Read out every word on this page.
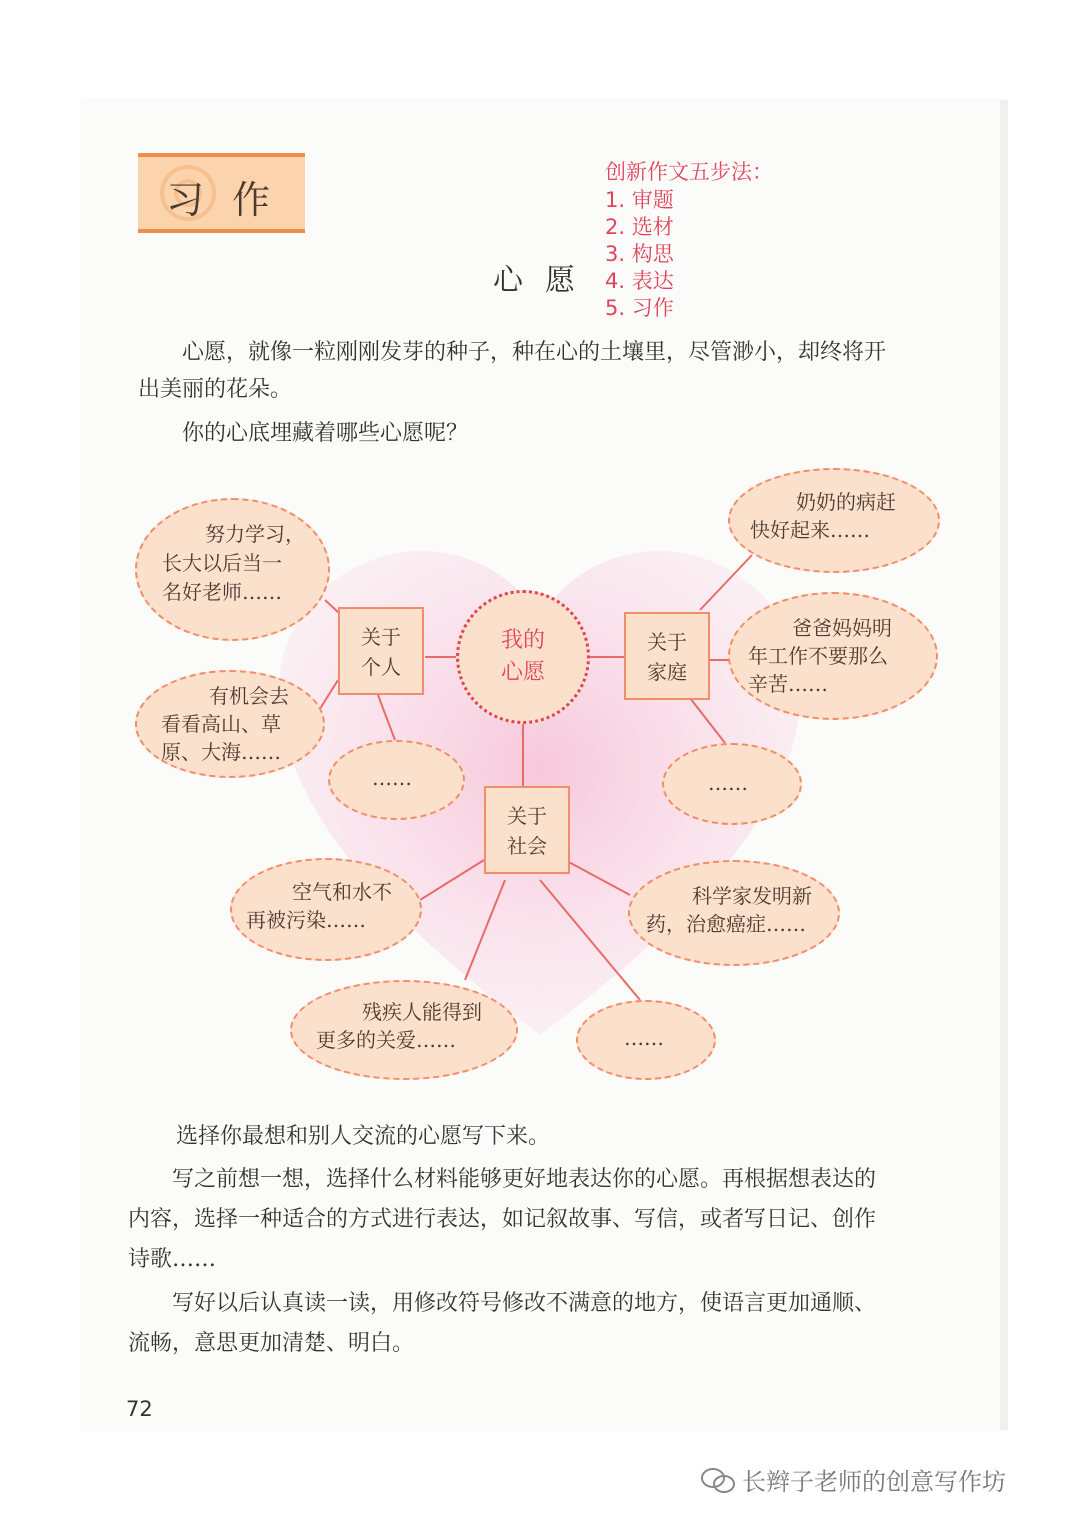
习作
创新作文五步法：
1. 审题
2. 选材
3. 构思
4. 表达
5. 习作
心愿
心愿，就像一粒刚刚发芽的种子，种在心的土壤里，尽管渺小，却终将开
出美丽的花朵。
你的心底埋藏着哪些心愿呢？
我的
心愿
关于
个人
关于
家庭
关于
社会
努力学习，
长大以后当一
名好老师……
有机会去
看看高山、草
原、大海……
……
奶奶的病赶
快好起来……
爸爸妈妈明
年工作不要那么
辛苦……
……
空气和水不
再被污染……
科学家发明新
药，治愈癌症……
残疾人能得到
更多的关爱……	……
选择你最想和别人交流的心愿写下来。
写之前想一想，选择什么材料能够更好地表达你的心愿。再根据想表达的
内容，选择一种适合的方式进行表达，如记叙故事、写信，或者写日记、创作
诗歌……
写好以后认真读一读，用修改符号修改不满意的地方，使语言更加通顺、
流畅，意思更加清楚、明白。
72
长辫子老师的创意写作坊
